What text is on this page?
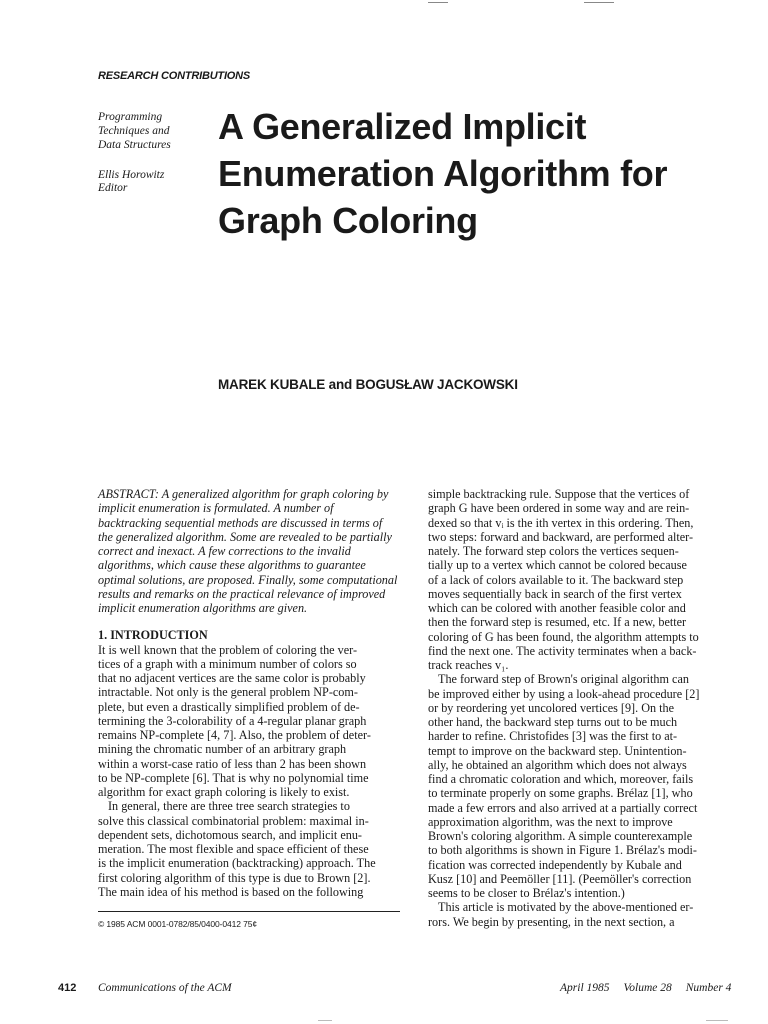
RESEARCH CONTRIBUTIONS
Programming
Techniques and
Data Structures
Ellis Horowitz
Editor
A Generalized Implicit
Enumeration Algorithm for
Graph Coloring
MAREK KUBALE and BOGUSŁAW JACKOWSKI
ABSTRACT: A generalized algorithm for graph coloring by
implicit enumeration is formulated. A number of
backtracking sequential methods are discussed in terms of
the generalized algorithm. Some are revealed to be partially
correct and inexact. A few corrections to the invalid
algorithms, which cause these algorithms to guarantee
optimal solutions, are proposed. Finally, some computational
results and remarks on the practical relevance of improved
implicit enumeration algorithms are given.
1. INTRODUCTION
It is well known that the problem of coloring the ver-
tices of a graph with a minimum number of colors so
that no adjacent vertices are the same color is probably
intractable. Not only is the general problem NP-com-
plete, but even a drastically simplified problem of de-
termining the 3-colorability of a 4-regular planar graph
remains NP-complete [4, 7]. Also, the problem of deter-
mining the chromatic number of an arbitrary graph
within a worst-case ratio of less than 2 has been shown
to be NP-complete [6]. That is why no polynomial time
algorithm for exact graph coloring is likely to exist.
In general, there are three tree search strategies to
solve this classical combinatorial problem: maximal in-
dependent sets, dichotomous search, and implicit enu-
meration. The most flexible and space efficient of these
is the implicit enumeration (backtracking) approach. The
first coloring algorithm of this type is due to Brown [2].
The main idea of his method is based on the following
simple backtracking rule. Suppose that the vertices of
graph G have been ordered in some way and are rein-
dexed so that vᵢ is the ith vertex in this ordering. Then,
two steps: forward and backward, are performed alter-
nately. The forward step colors the vertices sequen-
tially up to a vertex which cannot be colored because
of a lack of colors available to it. The backward step
moves sequentially back in search of the first vertex
which can be colored with another feasible color and
then the forward step is resumed, etc. If a new, better
coloring of G has been found, the algorithm attempts to
find the next one. The activity terminates when a back-
track reaches v₁.
The forward step of Brown's original algorithm can
be improved either by using a look-ahead procedure [2]
or by reordering yet uncolored vertices [9]. On the
other hand, the backward step turns out to be much
harder to refine. Christofides [3] was the first to at-
tempt to improve on the backward step. Unintention-
ally, he obtained an algorithm which does not always
find a chromatic coloration and which, moreover, fails
to terminate properly on some graphs. Brélaz [1], who
made a few errors and also arrived at a partially correct
approximation algorithm, was the next to improve
Brown's coloring algorithm. A simple counterexample
to both algorithms is shown in Figure 1. Brélaz's modi-
fication was corrected independently by Kubale and
Kusz [10] and Peemöller [11]. (Peemöller's correction
seems to be closer to Brélaz's intention.)
This article is motivated by the above-mentioned er-
rors. We begin by presenting, in the next section, a
© 1985 ACM 0001-0782/85/0400-0412 75¢
412 Communications of the ACM	April 1985 Volume 28 Number 4
